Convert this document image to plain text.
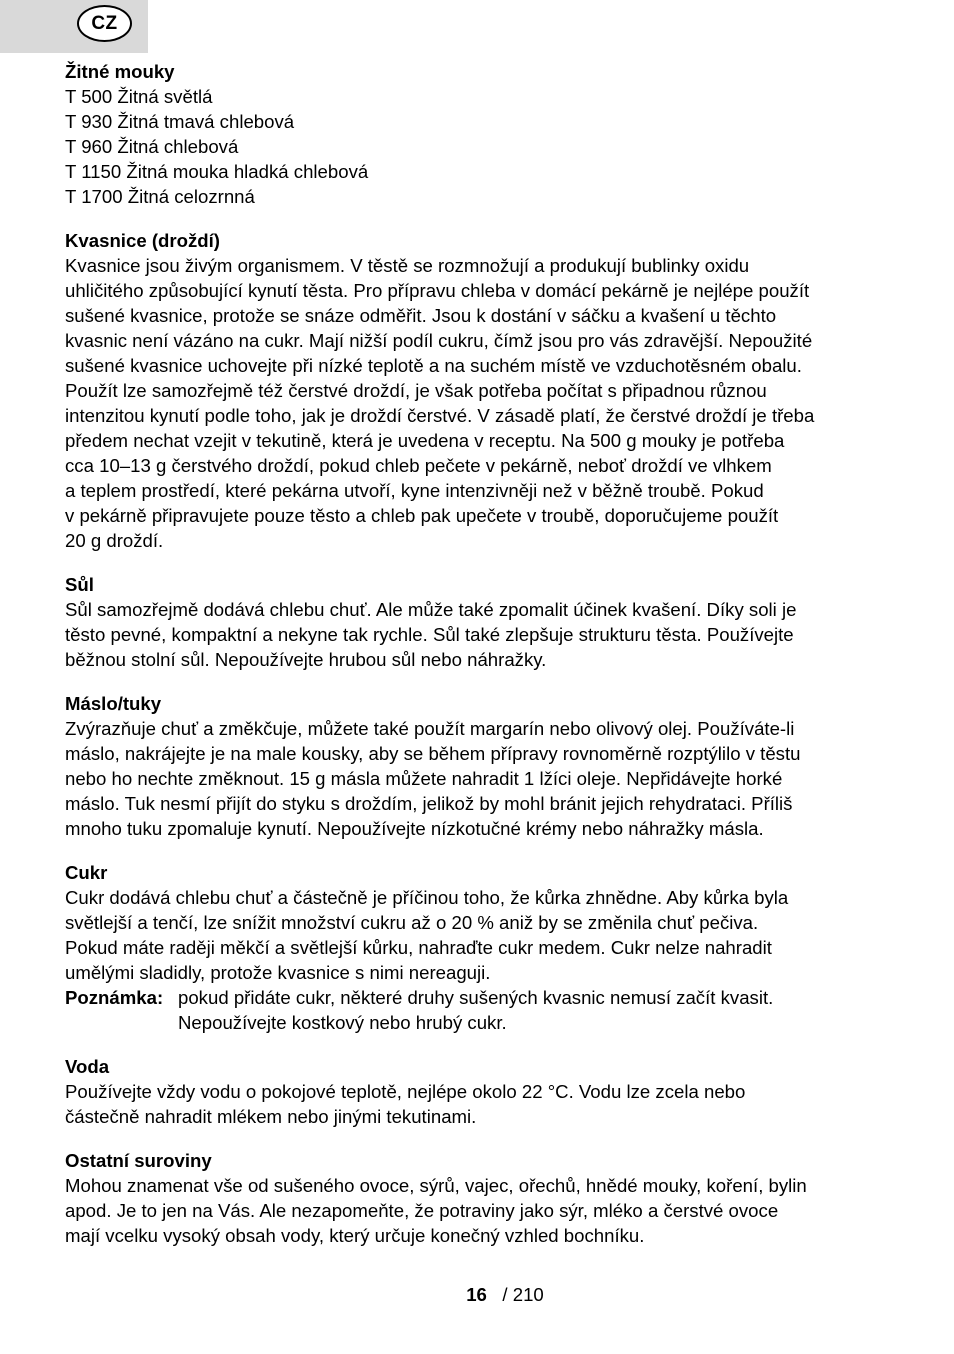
CZ
Žitné mouky
T 500 Žitná světlá
T 930 Žitná tmavá chlebová
T 960 Žitná chlebová
T 1150 Žitná mouka hladká chlebová
T 1700 Žitná celozrnná
Kvasnice (droždí)
Kvasnice jsou živým organismem. V těstě se rozmnožují a produkují bublinky oxidu
uhličitého způsobující kynutí těsta. Pro přípravu chleba v domácí pekárně je nejlépe použít
sušené kvasnice, protože se snáze odměřit. Jsou k dostání v sáčku a kvašení u těchto
kvasnic není vázáno na cukr. Mají nižší podíl cukru, čímž jsou pro vás zdravější. Nepoužité
sušené kvasnice uchovejte při nízké teplotě a na suchém místě ve vzduchotěsném obalu.
Použít lze samozřejmě též čerstvé droždí, je však potřeba počítat s připadnou různou
intenzitou kynutí podle toho, jak je droždí čerstvé. V zásadě platí, že čerstvé droždí je třeba
předem nechat vzejit v tekutině, která je uvedena v receptu. Na 500 g mouky je potřeba
cca 10–13 g čerstvého droždí, pokud chleb pečete v pekárně, neboť droždí ve vlhkem
a teplem prostředí, které pekárna utvoří, kyne intenzivněji než v běžně troubě. Pokud
v pekárně připravujete pouze těsto a chleb pak upečete v troubě, doporučujeme použít
20 g droždí.
Sůl
Sůl samozřejmě dodává chlebu chuť. Ale může také zpomalit účinek kvašení. Díky soli je
těsto pevné, kompaktní a nekyne tak rychle. Sůl také zlepšuje strukturu těsta. Používejte
běžnou stolní sůl. Nepoužívejte hrubou sůl nebo náhražky.
Máslo/tuky
Zvýrazňuje chuť a změkčuje, můžete také použít margarín nebo olivový olej. Používáte-li
máslo, nakrájejte je na male kousky, aby se během přípravy rovnoměrně rozptýlilo v těstu
nebo ho nechte změknout. 15 g másla můžete nahradit 1 lžíci oleje. Nepřidávejte horké
máslo. Tuk nesmí přijít do styku s droždím, jelikož by mohl bránit jejich rehydrataci. Příliš
mnoho tuku zpomaluje kynutí. Nepoužívejte nízkotučné krémy nebo náhražky másla.
Cukr
Cukr dodává chlebu chuť a částečně je příčinou toho, že kůrka zhnědne. Aby kůrka byla
světlejší a tenčí, lze snížit množství cukru až o 20 % aniž by se změnila chuť pečiva.
Pokud máte raději měkčí a světlejší kůrku, nahraďte cukr medem. Cukr nelze nahradit
umělými sladidly, protože kvasnice s nimi nereaguji.
Poznámka: pokud přidáte cukr, některé druhy sušených kvasnic nemusí začít kvasit.
Nepoužívejte kostkový nebo hrubý cukr.
Voda
Používejte vždy vodu o pokojové teplotě, nejlépe okolo 22 °C. Vodu lze zcela nebo
částečně nahradit mlékem nebo jinými tekutinami.
Ostatní suroviny
Mohou znamenat vše od sušeného ovoce, sýrů, vajec, ořechů, hnědé mouky, koření, bylin
apod. Je to jen na Vás. Ale nezapomeňte, že potraviny jako sýr, mléko a čerstvé ovoce
mají vcelku vysoký obsah vody, který určuje konečný vzhled bochníku.
16 / 210
